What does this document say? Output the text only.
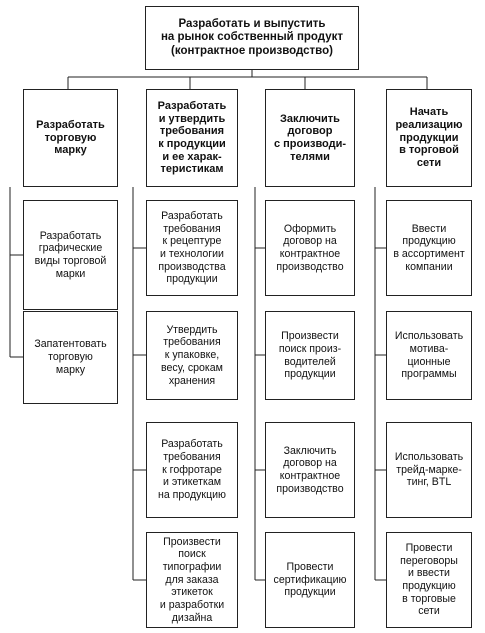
Разработать и выпустить
на рынок собственный продукт
(контрактное производство)
Разработать
торговую
марку
Разработать
графические
виды торговой
марки
Запатентовать
торговую
марку
Разработать
и утвердить
требования
к продукции
и ее харак-
теристикам
Разработать
требования
к рецептуре
и технологии
производства
продукции
Утвердить
требования
к упаковке,
весу, срокам
хранения
Разработать
требования
к гофротаре
и этикеткам
на продукцию
Произвести
поиск
типографии
для заказа
этикеток
и разработки
дизайна
Заключить
договор
с производи-
телями
Оформить
договор на
контрактное
производство
Произвести
поиск произ-
водителей
продукции
Заключить
договор на
контрактное
производство
Провести
сертификацию
продукции
Начать
реализацию
продукции
в торговой
сети
Ввести
продукцию
в ассортимент
компании
Использовать
мотива-
ционные
программы
Использовать
трейд-марке-
тинг, BTL
Провести
переговоры
и ввести
продукцию
в торговые
сети
